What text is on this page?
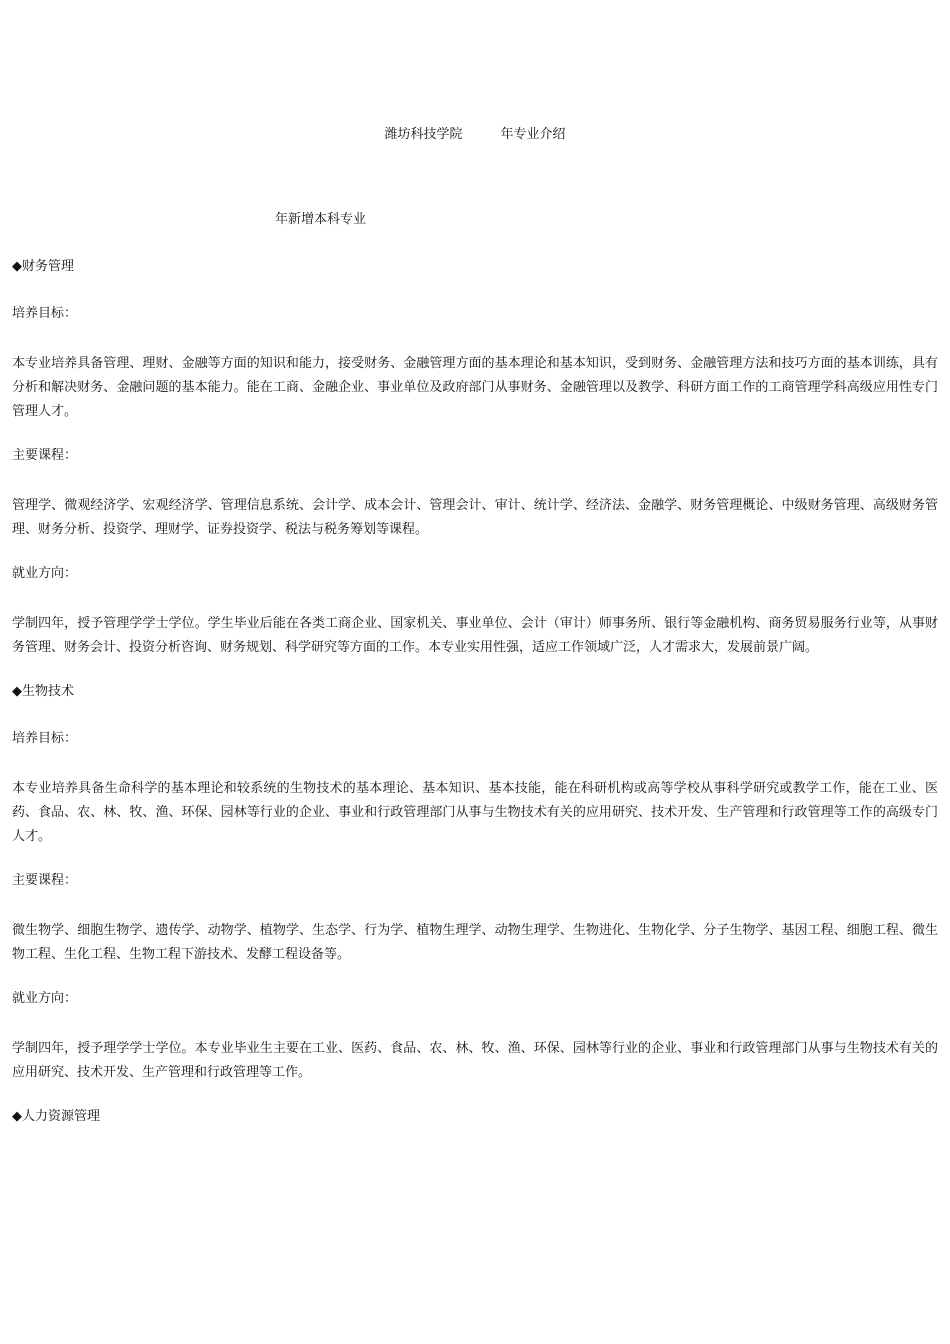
潍坊科技学院	年专业介绍
年新增本科专业
◆财务管理
培养目标：
本专业培养具备管理、理财、金融等方面的知识和能力，接受财务、金融管理方面的基本理论和基本知识，受到财务、金融管理方法和技巧方面的基本训练，具有分析和解决财务、金融问题的基本能力。能在工商、金融企业、事业单位及政府部门从事财务、金融管理以及教学、科研方面工作的工商管理学科高级应用性专门管理人才。
主要课程：
管理学、微观经济学、宏观经济学、管理信息系统、会计学、成本会计、管理会计、审计、统计学、经济法、金融学、财务管理概论、中级财务管理、高级财务管理、财务分析、投资学、理财学、证券投资学、税法与税务筹划等课程。
就业方向：
学制四年，授予管理学学士学位。学生毕业后能在各类工商企业、国家机关、事业单位、会计（审计）师事务所、银行等金融机构、商务贸易服务行业等，从事财务管理、财务会计、投资分析咨询、财务规划、科学研究等方面的工作。本专业实用性强，适应工作领域广泛，人才需求大，发展前景广阔。
◆生物技术
培养目标：
本专业培养具备生命科学的基本理论和较系统的生物技术的基本理论、基本知识、基本技能，能在科研机构或高等学校从事科学研究或教学工作，能在工业、医药、食品、农、林、牧、渔、环保、园林等行业的企业、事业和行政管理部门从事与生物技术有关的应用研究、技术开发、生产管理和行政管理等工作的高级专门人才。
主要课程：
微生物学、细胞生物学、遗传学、动物学、植物学、生态学、行为学、植物生理学、动物生理学、生物进化、生物化学、分子生物学、基因工程、细胞工程、微生物工程、生化工程、生物工程下游技术、发酵工程设备等。
就业方向：
学制四年，授予理学学士学位。本专业毕业生主要在工业、医药、食品、农、林、牧、渔、环保、园林等行业的企业、事业和行政管理部门从事与生物技术有关的应用研究、技术开发、生产管理和行政管理等工作。
◆人力资源管理
